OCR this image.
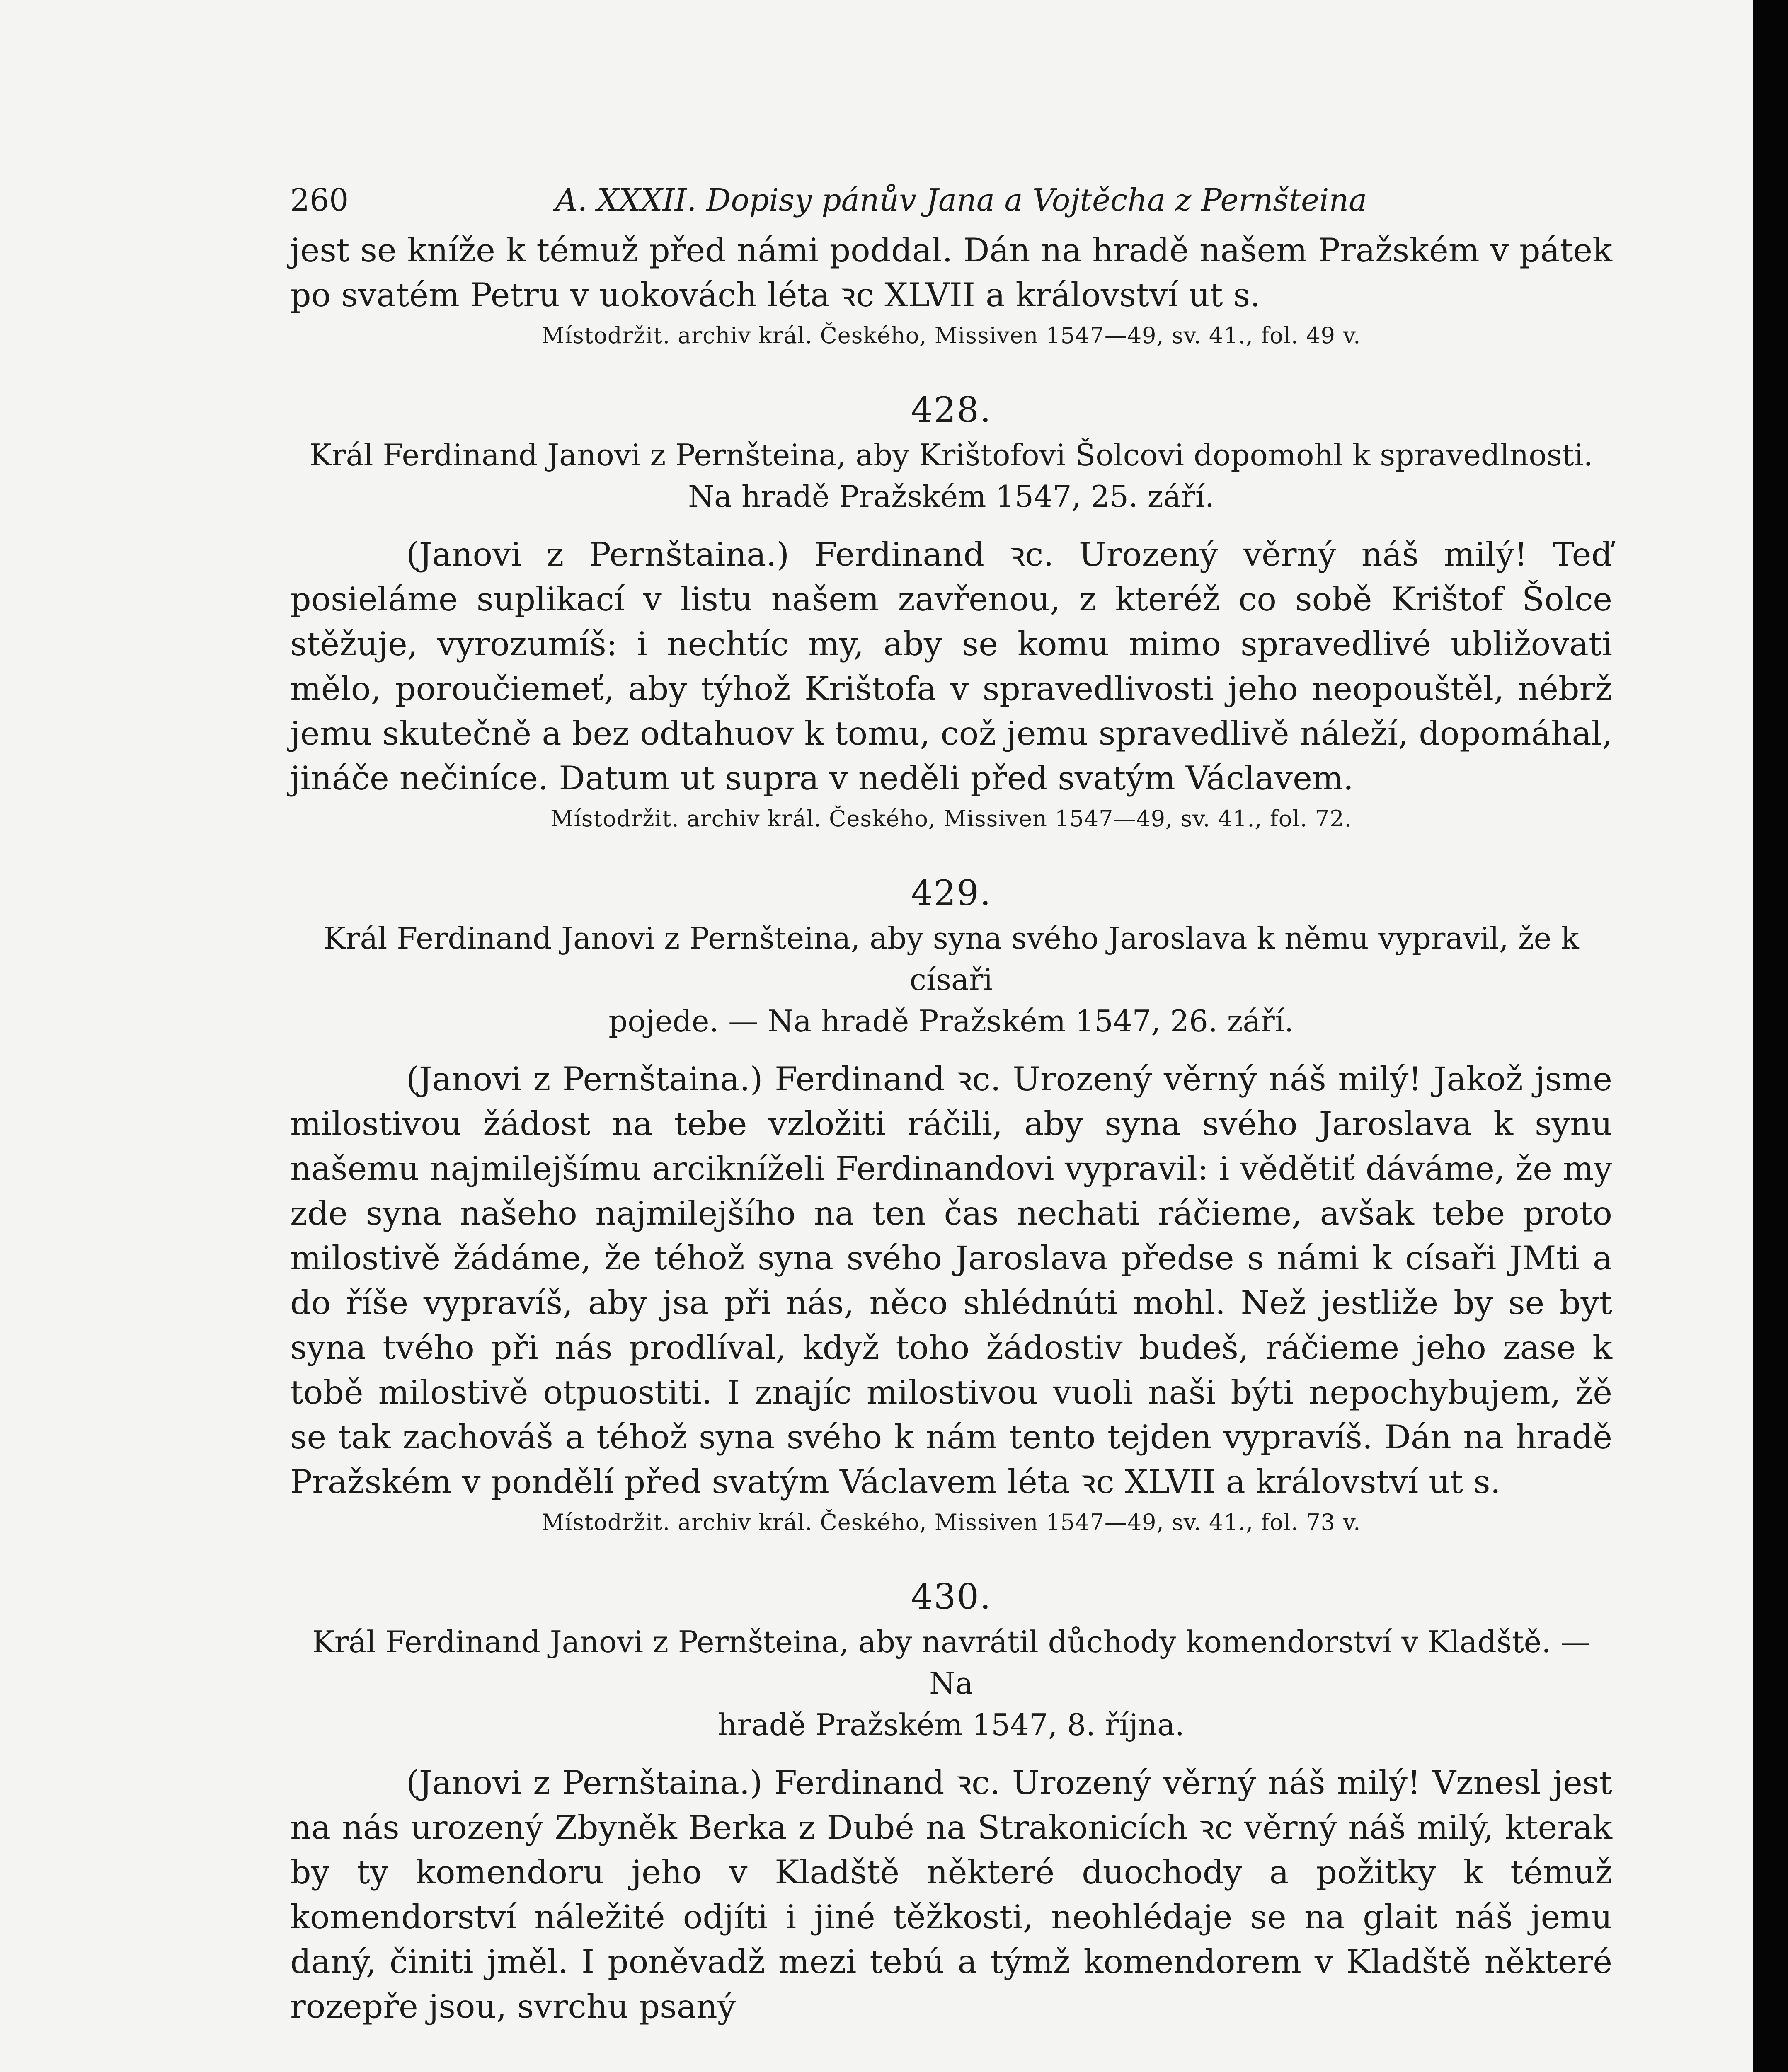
260	A. XXXII. Dopisy pánův Jana a Vojtěcha z Pernšteina

jest se kníže k témuž před námi poddal. Dán na hradě našem Pražském v pátek po svatém Petru v uokovách léta ꝛc XLVII a království ut s.

Místodržit. archiv král. Českého, Missiven 1547—49, sv. 41., fol. 49 v.

428.
Král Ferdinand Janovi z Pernšteina, aby Krištofovi Šolcovi dopomohl k spravedlnosti.
Na hradě Pražském 1547, 25. září.

(Janovi z Pernštaina.) Ferdinand ꝛc. Urozený věrný náš milý! Teď posieláme suplikací v listu našem zavřenou, z kteréž co sobě Krištof Šolce stěžuje, vyrozumíš: i nechtíc my, aby se komu mimo spravedlivé ubližovati mělo, poroučiemeť, aby týhož Krištofa v spravedlivosti jeho neopouštěl, nébrž jemu skutečně a bez odtahuov k tomu, což jemu spravedlivě náleží, dopomáhal, jináče nečiníce. Datum ut supra v neděli před svatým Václavem.

Místodržit. archiv král. Českého, Missiven 1547—49, sv. 41., fol. 72.

429.
Král Ferdinand Janovi z Pernšteina, aby syna svého Jaroslava k němu vypravil, že k císaři
pojede. — Na hradě Pražském 1547, 26. září.

(Janovi z Pernštaina.) Ferdinand ꝛc. Urozený věrný náš milý! Jakož jsme milostivou žádost na tebe vzložiti ráčili, aby syna svého Jaroslava k synu našemu najmilejšímu arcikníželi Ferdinandovi vypravil: i vědětiť dáváme, že my zde syna našeho najmilejšího na ten čas nechati ráčieme, avšak tebe proto milostivě žádáme, že téhož syna svého Jaroslava předse s námi k císaři JMti a do říše vypravíš, aby jsa při nás, něco shlédnúti mohl. Než jestliže by se byt syna tvého při nás prodlíval, když toho žádostiv budeš, ráčieme jeho zase k tobě milostivě otpuostiti. I znajíc milostivou vuoli naši býti nepochybujem, žě se tak zachováš a téhož syna svého k nám tento tejden vypravíš. Dán na hradě Pražském v pondělí před svatým Václavem léta ꝛc XLVII a království ut s.

Místodržit. archiv král. Českého, Missiven 1547—49, sv. 41., fol. 73 v.

430.
Král Ferdinand Janovi z Pernšteina, aby navrátil důchody komendorství v Kladště. — Na
hradě Pražském 1547, 8. října.

(Janovi z Pernštaina.) Ferdinand ꝛc. Urozený věrný náš milý! Vznesl jest na nás urozený Zbyněk Berka z Dubé na Strakonicích ꝛc věrný náš milý, kterak by ty komendoru jeho v Kladště některé duochody a požitky k témuž komendorství náležité odjíti i jiné těžkosti, neohlédaje se na glait náš jemu daný, činiti jměl. I poněvadž mezi tebú a týmž komendorem v Kladště některé rozepře jsou, svrchu psaný
